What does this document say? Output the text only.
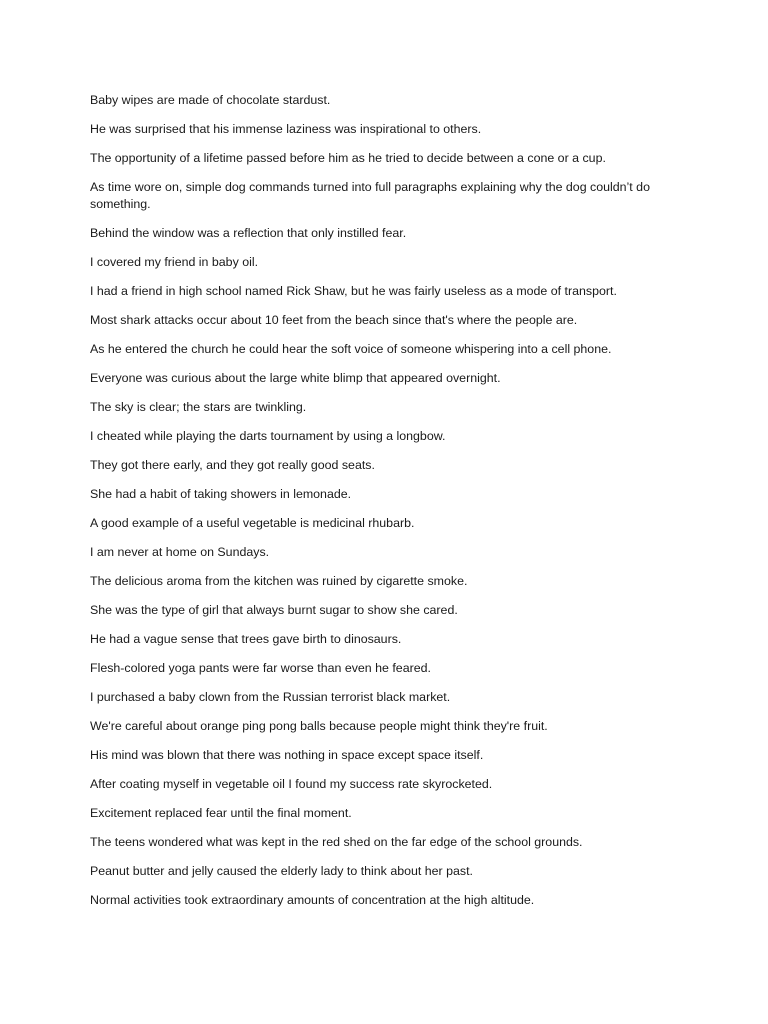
Baby wipes are made of chocolate stardust.
He was surprised that his immense laziness was inspirational to others.
The opportunity of a lifetime passed before him as he tried to decide between a cone or a cup.
As time wore on, simple dog commands turned into full paragraphs explaining why the dog couldn’t do something.
Behind the window was a reflection that only instilled fear.
I covered my friend in baby oil.
I had a friend in high school named Rick Shaw, but he was fairly useless as a mode of transport.
Most shark attacks occur about 10 feet from the beach since that's where the people are.
As he entered the church he could hear the soft voice of someone whispering into a cell phone.
Everyone was curious about the large white blimp that appeared overnight.
The sky is clear; the stars are twinkling.
I cheated while playing the darts tournament by using a longbow.
They got there early, and they got really good seats.
She had a habit of taking showers in lemonade.
A good example of a useful vegetable is medicinal rhubarb.
I am never at home on Sundays.
The delicious aroma from the kitchen was ruined by cigarette smoke.
She was the type of girl that always burnt sugar to show she cared.
He had a vague sense that trees gave birth to dinosaurs.
Flesh-colored yoga pants were far worse than even he feared.
I purchased a baby clown from the Russian terrorist black market.
We're careful about orange ping pong balls because people might think they're fruit.
His mind was blown that there was nothing in space except space itself.
After coating myself in vegetable oil I found my success rate skyrocketed.
Excitement replaced fear until the final moment.
The teens wondered what was kept in the red shed on the far edge of the school grounds.
Peanut butter and jelly caused the elderly lady to think about her past.
Normal activities took extraordinary amounts of concentration at the high altitude.
